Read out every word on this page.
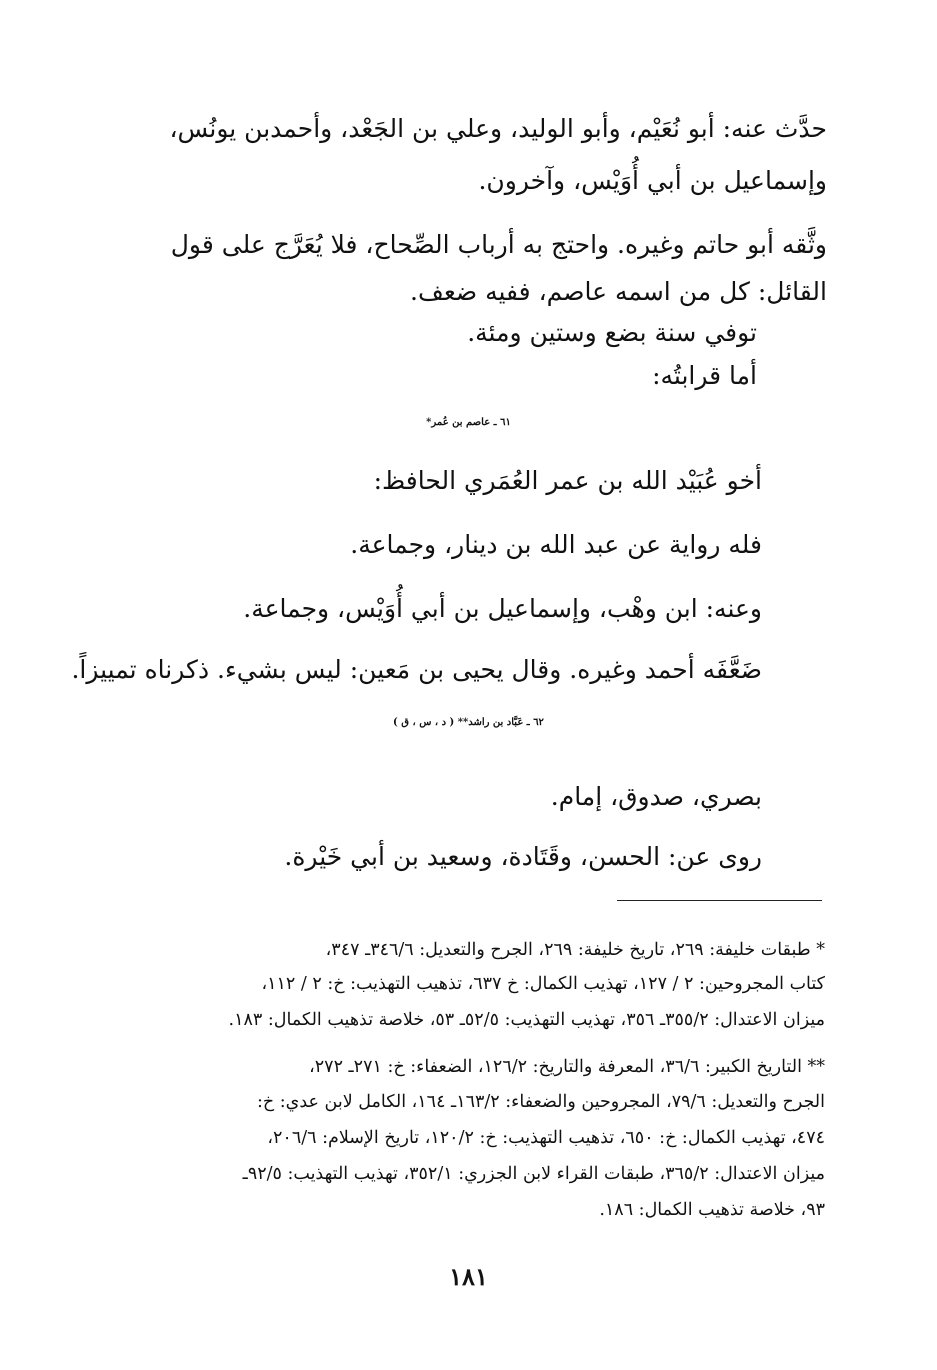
حدَّث عنه: أبو نُعَيْم، وأبو الوليد، وعلي بن الجَعْد، وأحمدبن يونُس،
وإسماعيل بن أبي أُوَيْس، وآخرون.
وثَّقه أبو حاتم وغيره. واحتج به أرباب الصِّحاح، فلا يُعَرَّج على قول
القائل: كل من اسمه عاصم، ففيه ضعف.
توفي سنة بضع وستين ومئة.
أما قرابتُه:
٦١ ـ عاصم بن عُمر*
أخو عُبَيْد الله بن عمر العُمَري الحافظ:
فله رواية عن عبد الله بن دينار، وجماعة.
وعنه: ابن وهْب، وإسماعيل بن أبي أُوَيْس، وجماعة.
ضَعَّفَه أحمد وغيره. وقال يحيى بن مَعين: ليس بشيء. ذكرناه تمييزاً.
٦٢ ـ عَبَّاد بن راشد** ( د ، س ، ق )
بصري، صدوق، إمام.
روى عن: الحسن، وقَتَادة، وسعيد بن أبي خَيْرة.
* طبقات خليفة: ٢٦٩، تاريخ خليفة: ٢٦٩، الجرح والتعديل: ٣٤٦/٦ـ ٣٤٧،
كتاب المجروحين: ٢ / ١٢٧، تهذيب الكمال: خ ٦٣٧، تذهيب التهذيب: خ: ٢ / ١١٢،
ميزان الاعتدال: ٣٥٥/٢ـ ٣٥٦، تهذيب التهذيب: ٥٢/٥ـ ٥٣، خلاصة تذهيب الكمال: ١٨٣.
** التاريخ الكبير: ٣٦/٦، المعرفة والتاريخ: ١٢٦/٢، الضعفاء: خ: ٢٧١ـ ٢٧٢،
الجرح والتعديل: ٧٩/٦، المجروحين والضعفاء: ١٦٣/٢ـ ١٦٤، الكامل لابن عدي: خ:
٤٧٤، تهذيب الكمال: خ: ٦٥٠، تذهيب التهذيب: خ: ١٢٠/٢، تاريخ الإسلام: ٢٠٦/٦،
ميزان الاعتدال: ٣٦٥/٢، طبقات القراء لابن الجزري: ٣٥٢/١، تهذيب التهذيب: ٩٢/٥ـ
٩٣، خلاصة تذهيب الكمال: ١٨٦.
١٨١
